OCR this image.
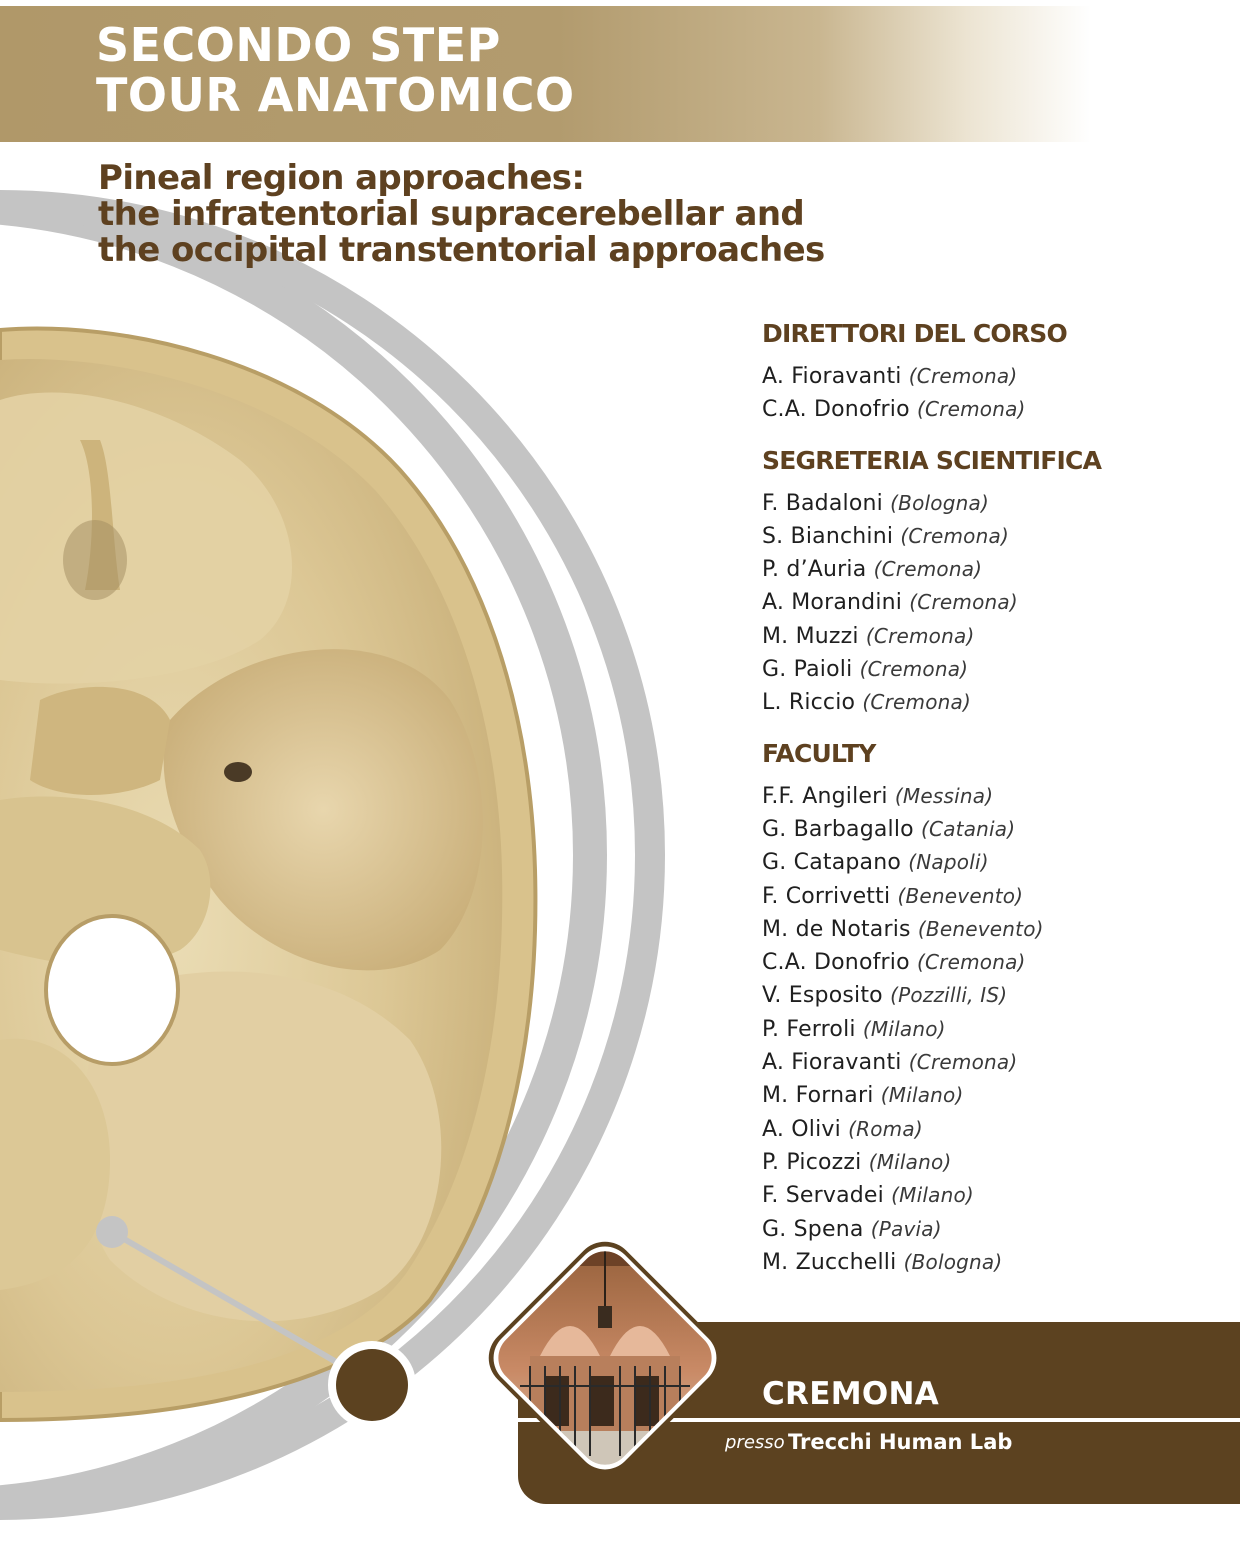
SECONDO STEP
TOUR ANATOMICO
Pineal region approaches:
the infratentorial supracerebellar and
the occipital transtentorial approaches
DIRETTORI DEL CORSO
A. Fioravanti (Cremona)
C.A. Donofrio (Cremona)
SEGRETERIA SCIENTIFICA
F. Badaloni (Bologna)
S. Bianchini (Cremona)
P. d’Auria (Cremona)
A. Morandini (Cremona)
M. Muzzi (Cremona)
G. Paioli (Cremona)
L. Riccio (Cremona)
FACULTY
F.F. Angileri (Messina)
G. Barbagallo (Catania)
G. Catapano (Napoli)
F. Corrivetti (Benevento)
M. de Notaris (Benevento)
C.A. Donofrio (Cremona)
V. Esposito (Pozzilli, IS)
P. Ferroli (Milano)
A. Fioravanti (Cremona)
M. Fornari (Milano)
A. Olivi (Roma)
P. Picozzi (Milano)
F. Servadei (Milano)
G. Spena (Pavia)
M. Zucchelli (Bologna)
CREMONA
presso Trecchi Human Lab
